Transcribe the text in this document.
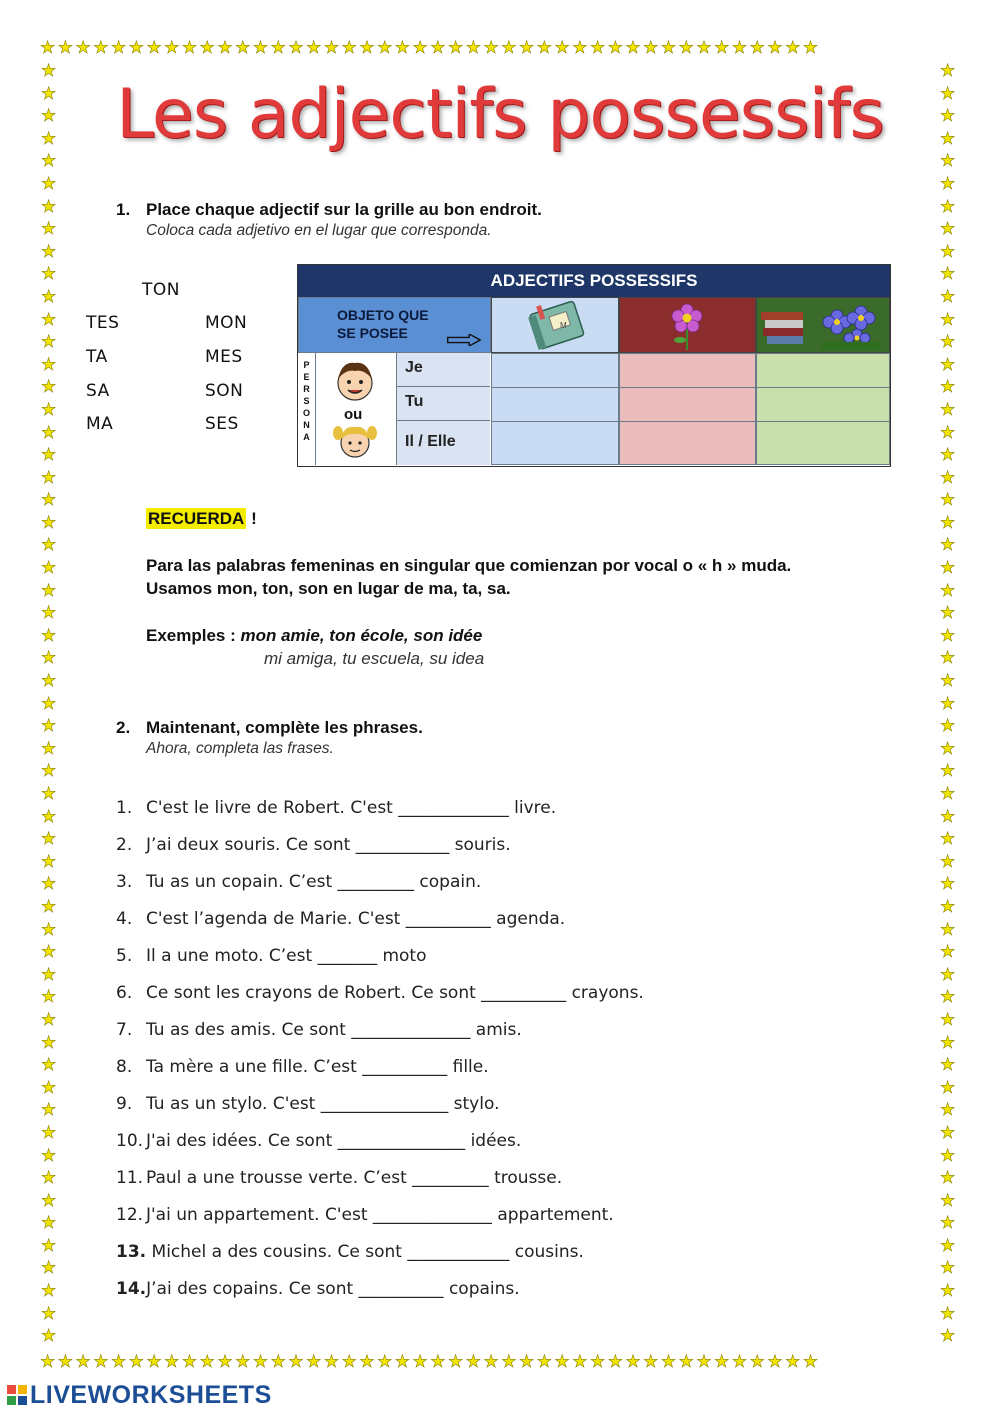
★★★★★★★★★★★★★★★★★★★★★★★★★★★★★★★★★★★★★★★★★★★★
★★★★★★★★★★★★★★★★★★★★★★★★★★★★★★★★★★★★★★★★★★★★
★ ★ ★ ★ ★ ★ ★ ★ ★ ★ ★ ★ ★ ★ ★ ★ ★ ★ ★ ★ ★ ★ ★ ★ ★ ★ ★ ★ ★ ★ ★ ★ ★ ★ ★ ★ ★ ★ ★ ★ ★ ★ ★ ★ ★ ★ ★ ★ ★ ★ ★ ★ ★ ★ ★ ★ ★
★ ★ ★ ★ ★ ★ ★ ★ ★ ★ ★ ★ ★ ★ ★ ★ ★ ★ ★ ★ ★ ★ ★ ★ ★ ★ ★ ★ ★ ★ ★ ★ ★ ★ ★ ★ ★ ★ ★ ★ ★ ★ ★ ★ ★ ★ ★ ★ ★ ★ ★ ★ ★ ★ ★ ★ ★
Les adjectifs possessifs
1. Place chaque adjectif sur la grille au bon endroit.
Coloca cada adjetivo en el lugar que corresponda.
TON
TES	MON
TA	MES
SA	SON
MA	SES
ADJECTIFS POSSESSIFS
OBJETO QUE
SE POSEE	M
P
E
R
S
O
N
A
ou
Je
Tu
Il / Elle
RECUERDA !
Para las palabras femeninas en singular que comienzan por vocal o « h » muda.
Usamos mon, ton, son en lugar de ma, ta, sa.
Exemples : mon amie, ton école, son idée
mi amiga, tu escuela, su idea
2. Maintenant, complète les phrases.
Ahora, completa las frases.
1. C'est le livre de Robert. C'est _____________ livre.
2. J’ai deux souris. Ce sont ___________ souris.
3. Tu as un copain. C’est _________ copain.
4. C'est l’agenda de Marie. C'est __________ agenda.
5. Il a une moto. C’est _______ moto
6. Ce sont les crayons de Robert. Ce sont __________ crayons.
7. Tu as des amis. Ce sont ______________ amis.
8. Ta mère a une fille. C’est __________ fille.
9. Tu as un stylo. C'est _______________ stylo.
10. J'ai des idées. Ce sont _______________ idées.
11. Paul a une trousse verte. C’est _________ trousse.
12. J'ai un appartement. C'est ______________ appartement.
13. Michel a des cousins. Ce sont ____________ cousins.
14.J’ai des copains. Ce sont __________ copains.
LIVEWORKSHEETS
